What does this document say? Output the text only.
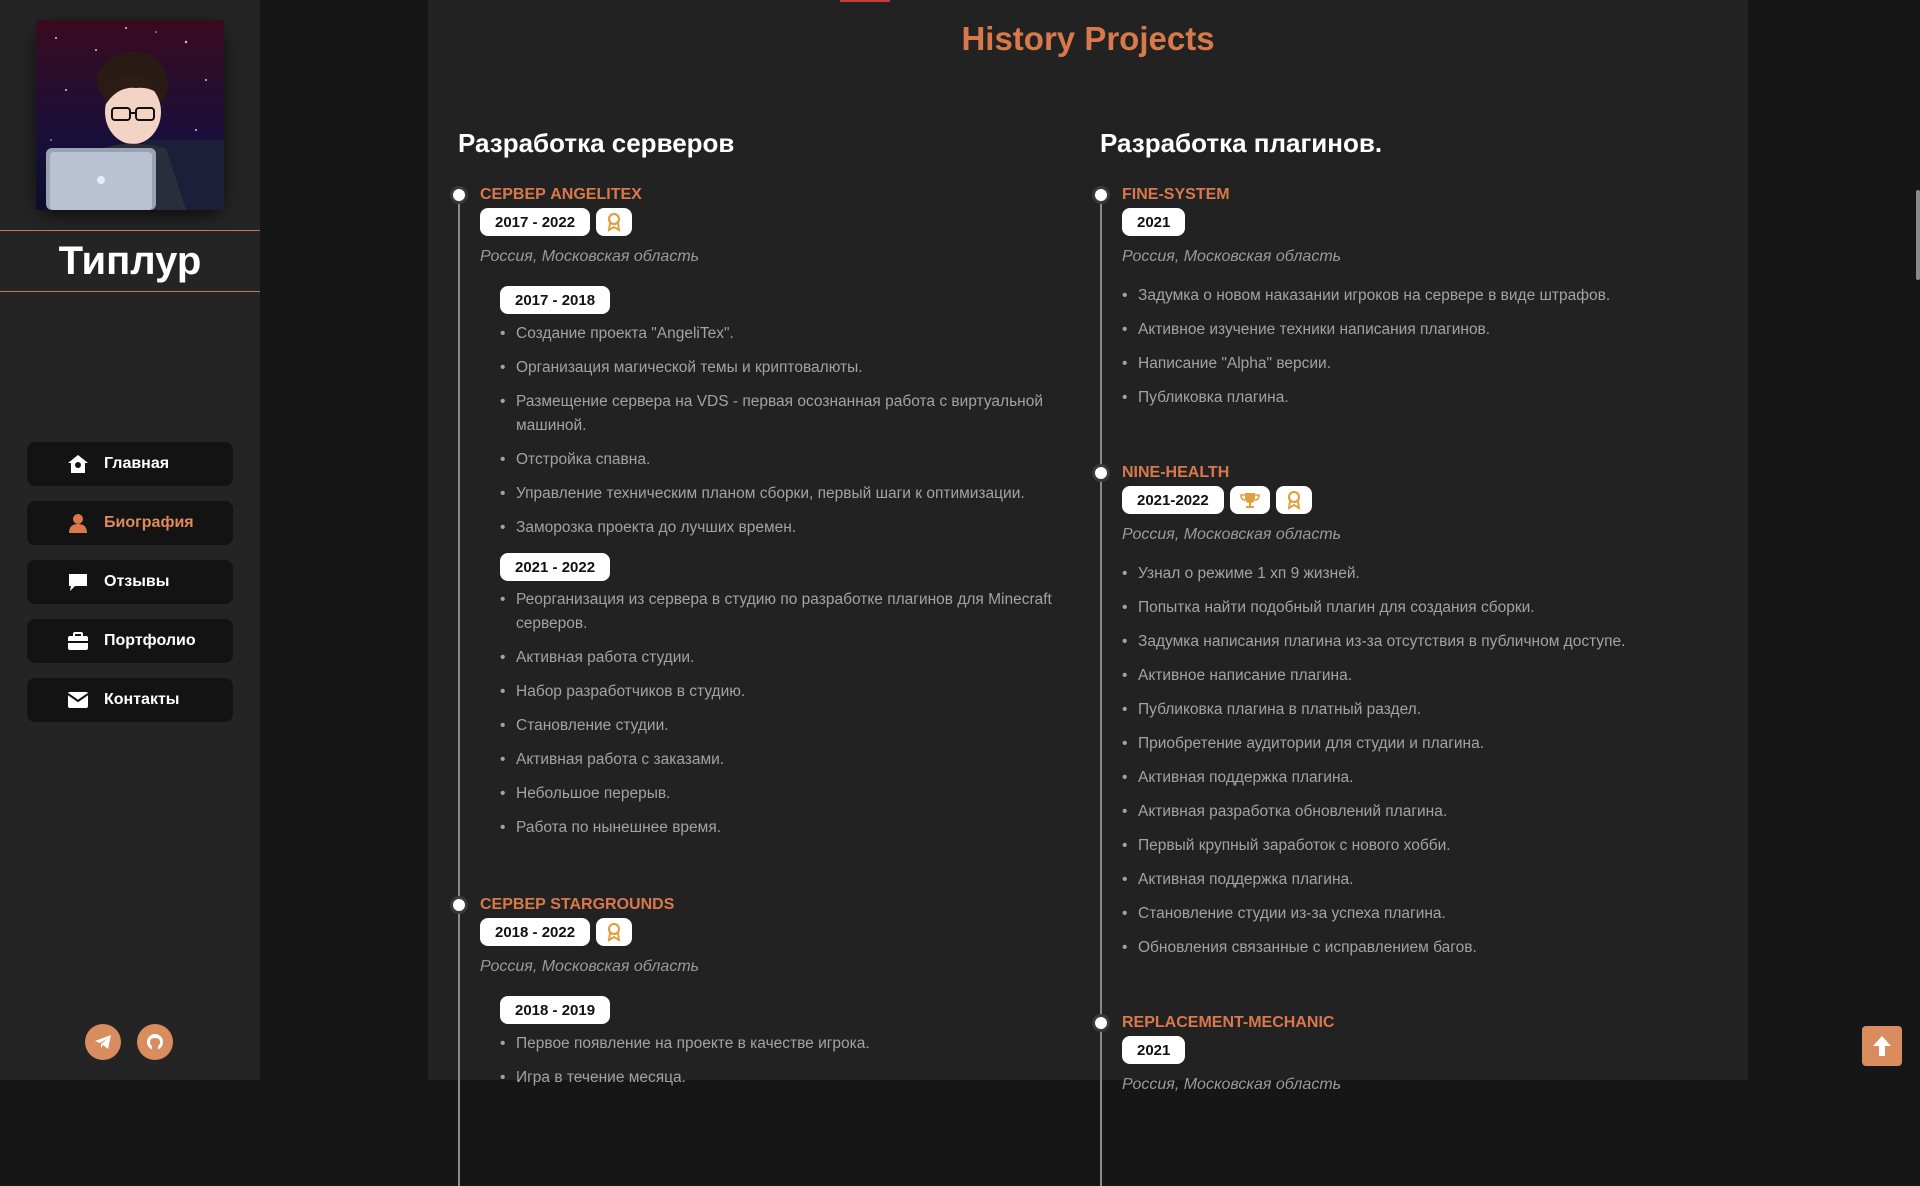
Типлур
Главная
Биография
Отзывы
Портфолио
Контакты
History Projects
Разработка серверов
СЕРВЕР ANGELITEX
2017 - 2022
Россия, Московская область
2017 - 2018
• Создание проекта "AngeliTex".
• Организация магической темы и криптовалюты.
• Размещение сервера на VDS - первая осознанная работа с виртуальной машиной.
• Отстройка спавна.
• Управление техническим планом сборки, первый шаги к оптимизации.
• Заморозка проекта до лучших времен.
2021 - 2022
• Реорганизация из сервера в студию по разработке плагинов для Minecraft серверов.
• Активная работа студии.
• Набор разработчиков в студию.
• Становление студии.
• Активная работа с заказами.
• Небольшое перерыв.
• Работа по нынешнее время.
СЕРВЕР STARGROUNDS
2018 - 2022
Россия, Московская область
2018 - 2019
• Первое появление на проекте в качестве игрока.
• Игра в течение месяца.
Разработка плагинов.
FINE-SYSTEM
2021
Россия, Московская область
• Задумка о новом наказании игроков на сервере в виде штрафов.
• Активное изучение техники написания плагинов.
• Написание "Alpha" версии.
• Публиковка плагина.
NINE-HEALTH
2021-2022
Россия, Московская область
• Узнал о режиме 1 хп 9 жизней.
• Попытка найти подобный плагин для создания сборки.
• Задумка написания плагина из-за отсутствия в публичном доступе.
• Активное написание плагина.
• Публиковка плагина в платный раздел.
• Приобретение аудитории для студии и плагина.
• Активная поддержка плагина.
• Активная разработка обновлений плагина.
• Первый крупный заработок с нового хобби.
• Активная поддержка плагина.
• Становление студии из-за успеха плагина.
• Обновления связанные с исправлением багов.
REPLACEMENT-MECHANIC
2021
Россия, Московская область
